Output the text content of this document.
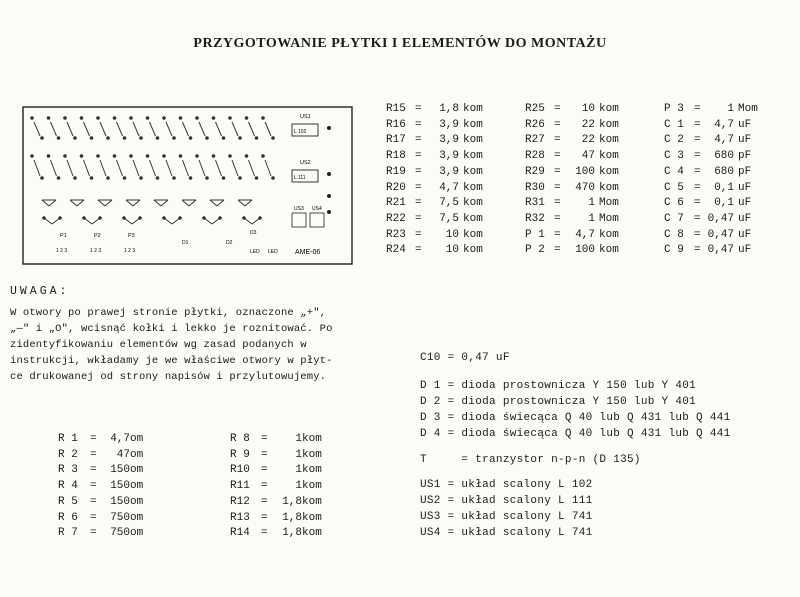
PRZYGOTOWANIE PŁYTKI I ELEMENTÓW DO MONTAŻU
US1
L 102
US2
L 111
US3 US4
P1	P2	P3
D1	D2
LED LED
D3
1 2 3	1 2 3	1 2 3	AME-06
UWAGA:
W otwory po prawej stronie płytki, oznaczone „+",
„—" i „O", wcisnąć kołki i lekko je roznitować. Po
zidentyfikowaniu elementów wg zasad podanych w
instrukcji, wkładamy je we właściwe otwory w płyt-
ce drukowanej od strony napisów i przylutowujemy.
R15 =	1,8 kom
R16 =	3,9 kom
R17 =	3,9 kom
R18 =	3,9 kom
R19 =	3,9 kom
R20 =	4,7 kom
R21 =	7,5 kom
R22 =	7,5 kom
R23 =	10 kom
R24 =	10 kom
R25 =	10 kom
R26 =	22 kom
R27 =	22 kom
R28 =	47 kom
R29 =	100 kom
R30 =	470 kom
R31 =	1 Mom
R32 =	1 Mom
P 1 =	4,7 kom
P 2 =	100 kom
P 3 =	1 Mom
C 1 =	4,7 uF
C 2 =	4,7 uF
C 3 =	680 pF
C 4 =	680 pF
C 5 =	0,1 uF
C 6 =	0,1 uF
C 7 = 0,47 uF
C 8 = 0,47 uF
C 9 = 0,47 uF
R 1 =	4,7 om
R 2 =	47 om
R 3 =	150 om
R 4 =	150 om
R 5 =	150 om
R 6 =	750 om
R 7 =	750 om
R 8 =	1 kom
R 9 =	1 kom
R10 =	1 kom
R11 =	1 kom
R12 =	1,8 kom
R13 =	1,8 kom
R14 =	1,8 kom
C10 = 0,47 uF
D 1 = dioda prostownicza Y 150 lub Y 401
D 2 = dioda prostownicza Y 150 lub Y 401
D 3 = dioda świecąca Q 40 lub Q 431 lub Q 441
D 4 = dioda świecąca Q 40 lub Q 431 lub Q 441
T     = tranzystor n-p-n (D 135)
US1 = układ scalony L 102
US2 = układ scalony L 111
US3 = układ scalony L 741
US4 = układ scalony L 741
